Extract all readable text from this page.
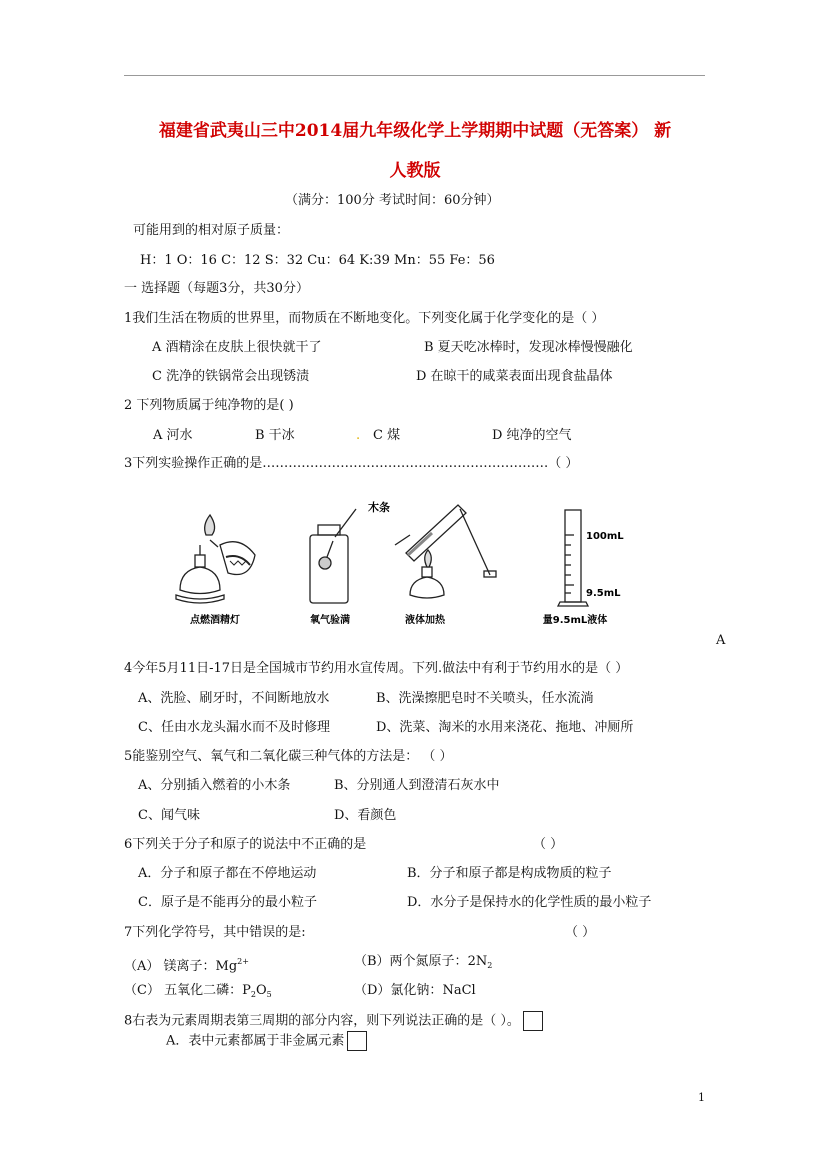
福建省武夷山三中2014届九年级化学上学期期中试题（无答案） 新
人教版
（满分：100分 考试时间：60分钟）
可能用到的相对原子质量：
H：1 O：16 C：12 S：32 Cu：64 K:39 Mn：55 Fe：56
一 选择题（每题3分，共30分）
1我们生活在物质的世界里，而物质在不断地变化。下列变化属于化学变化的是（ ）
A 酒精涂在皮肤上很快就干了	B 夏天吃冰棒时，发现冰棒慢慢融化
C 洗净的铁锅常会出现锈渍	D 在晾干的咸菜表面出现食盐晶体
2 下列物质属于纯净物的是( )
A 河水	B 干冰	. C 煤	D 纯净的空气
3下列实验操作正确的是…………………………………………………………（ ）
点燃酒精灯
木条
氧气验满	液体加热
100mL
9.5mL
量9.5mL液体
A
4今年5月11日-17日是全国城市节约用水宣传周。下列.做法中有利于节约用水的是（ ）
A、洗脸、刷牙时，不间断地放水	B、洗澡擦肥皂时不关喷头，任水流淌
C、任由水龙头漏水而不及时修理	D、洗菜、淘米的水用来浇花、拖地、冲厕所
5能鉴别空气、氧气和二氧化碳三种气体的方法是： （ ）
A、分别插入燃着的小木条	B、分别通人到澄清石灰水中
C、闻气味	D、看颜色
6下列关于分子和原子的说法中不正确的是	（ ）
A．分子和原子都在不停地运动	B．分子和原子都是构成物质的粒子
C．原子是不能再分的最小粒子	D．水分子是保持水的化学性质的最小粒子
7下列化学符号，其中错误的是:	（ ）
（A） 镁离子：$Mg^{2+}$	（B）两个氮原子：$2N_2$
（C） 五氧化二磷：$P_2O_5$	（D）氯化钠：NaCl
8右表为元素周期表第三周期的部分内容，则下列说法正确的是（ ）。
A．表中元素都属于非金属元素
1
